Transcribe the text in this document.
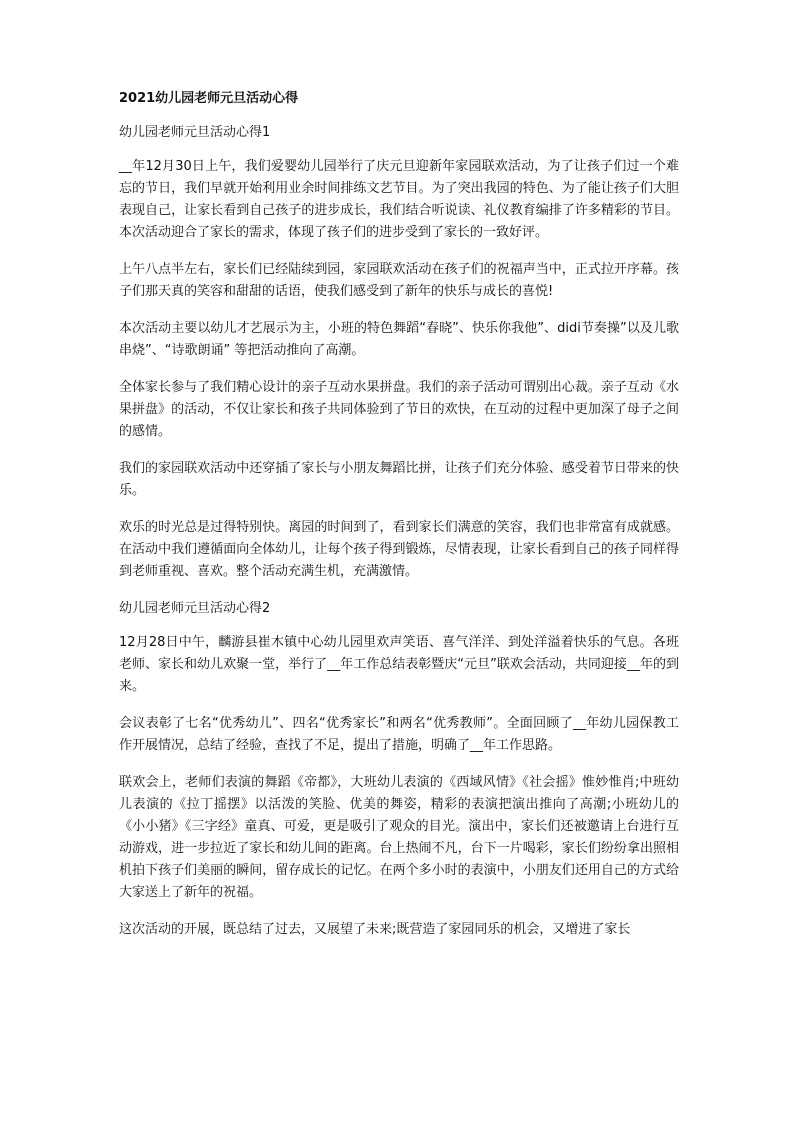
2021幼儿园老师元旦活动心得
幼儿园老师元旦活动心得1

__年12月30日上午，我们爱婴幼儿园举行了庆元旦迎新年家园联欢活动，为了让孩子们过一个难忘的节日，我们早就开始利用业余时间排练文艺节目。为了突出我园的特色、为了能让孩子们大胆表现自己，让家长看到自己孩子的进步成长，我们结合听说读、礼仪教育编排了许多精彩的节目。本次活动迎合了家长的需求，体现了孩子们的进步受到了家长的一致好评。

上午八点半左右，家长们已经陆续到园，家园联欢活动在孩子们的祝福声当中，正式拉开序幕。孩子们那天真的笑容和甜甜的话语，使我们感受到了新年的快乐与成长的喜悦!

本次活动主要以幼儿才艺展示为主，小班的特色舞蹈“春晓”、快乐你我他”、didi节奏操”以及儿歌串烧”、“诗歌朗诵” 等把活动推向了高潮。

全体家长参与了我们精心设计的亲子互动水果拼盘。我们的亲子活动可谓别出心裁。亲子互动《水果拼盘》的活动，不仅让家长和孩子共同体验到了节日的欢快，在互动的过程中更加深了母子之间的感情。

我们的家园联欢活动中还穿插了家长与小朋友舞蹈比拼，让孩子们充分体验、感受着节日带来的快乐。

欢乐的时光总是过得特别快。离园的时间到了，看到家长们满意的笑容，我们也非常富有成就感。在活动中我们遵循面向全体幼儿，让每个孩子得到锻炼，尽情表现，让家长看到自己的孩子同样得到老师重视、喜欢。整个活动充满生机，充满激情。

幼儿园老师元旦活动心得2

12月28日中午，麟游县崔木镇中心幼儿园里欢声笑语、喜气洋洋、到处洋溢着快乐的气息。各班老师、家长和幼儿欢聚一堂，举行了__年工作总结表彰暨庆“元旦”联欢会活动，共同迎接__年的到来。

会议表彰了七名“优秀幼儿”、四名“优秀家长”和两名“优秀教师”。全面回顾了__年幼儿园保教工作开展情况，总结了经验，查找了不足，提出了措施，明确了__年工作思路。

联欢会上，老师们表演的舞蹈《帝都》，大班幼儿表演的《西域风情》《社会摇》惟妙惟肖;中班幼儿表演的《拉丁摇摆》以活泼的笑脸、优美的舞姿，精彩的表演把演出推向了高潮;小班幼儿的《小小猪》《三字经》童真、可爱，更是吸引了观众的目光。演出中，家长们还被邀请上台进行互动游戏，进一步拉近了家长和幼儿间的距离。台上热闹不凡，台下一片喝彩，家长们纷纷拿出照相机拍下孩子们美丽的瞬间，留存成长的记忆。在两个多小时的表演中，小朋友们还用自己的方式给大家送上了新年的祝福。

这次活动的开展，既总结了过去，又展望了未来;既营造了家园同乐的机会，又增进了家长
